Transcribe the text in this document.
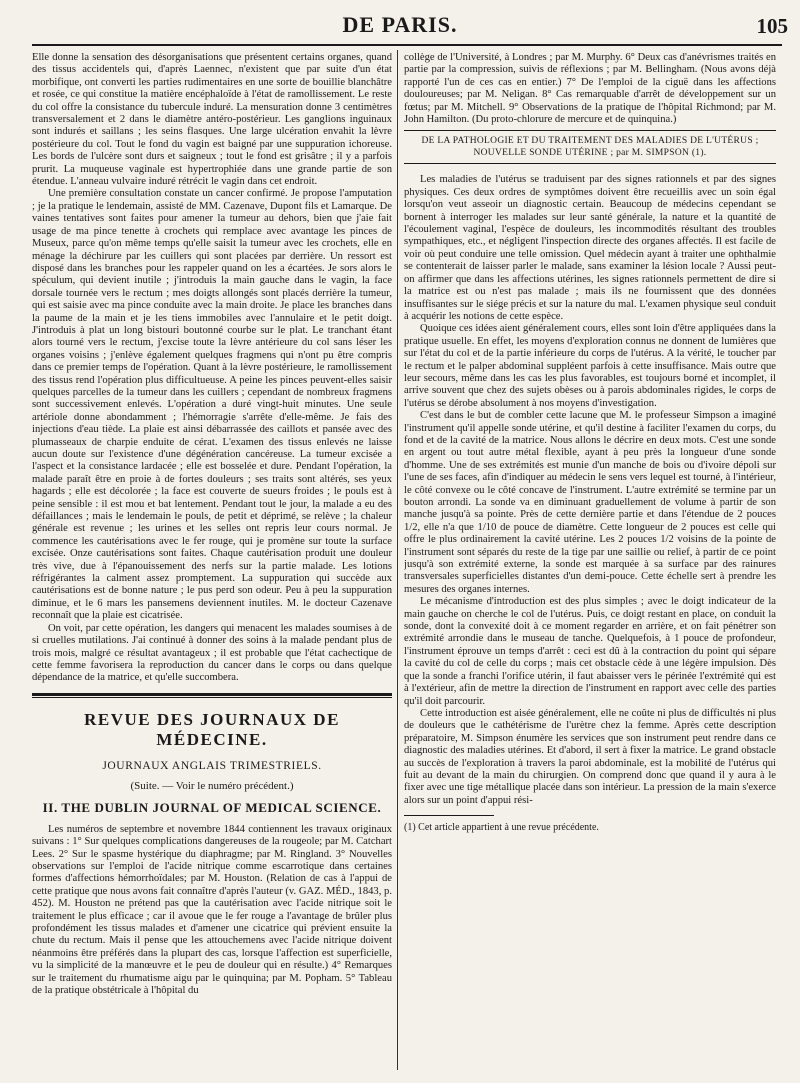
DE PARIS.	105

Elle donne la sensation des désorganisations que présentent certains organes, quand des tissus accidentels qui, d'après Laennec, n'existent que par suite d'un état morbifique, ont converti les parties rudimentaires en une sorte de bouillie blanchâtre et rosée, ce qui constitue la matière encéphaloïde à l'état de ramollissement. Le reste du col offre la consistance du tubercule induré. La mensuration donne 3 centimètres transversalement et 2 dans le diamètre antéro-postérieur. Les ganglions inguinaux sont indurés et saillans ; les seins flasques. Une large ulcération envahit la lèvre postérieure du col. Tout le fond du vagin est baigné par une suppuration ichoreuse. Les bords de l'ulcère sont durs et saigneux ; tout le fond est grisâtre ; il y a parfois prurit. La muqueuse vaginale est hypertrophiée dans une grande partie de son étendue. L'anneau vulvaire induré rétrécit le vagin dans cet endroit.

Une première consultation constate un cancer confirmé. Je propose l'amputation ; je la pratique le lendemain, assisté de MM. Cazenave, Dupont fils et Lamarque. De vaines tentatives sont faites pour amener la tumeur au dehors, bien que j'aie fait usage de ma pince tenette à crochets qui remplace avec avantage les pinces de Museux, parce qu'on même temps qu'elle saisit la tumeur avec les crochets, elle en ménage la déchirure par les cuillers qui sont placées par derrière. Un ressort est disposé dans les branches pour les rappeler quand on les a écartées. Je sors alors le spéculum, qui devient inutile ; j'introduis la main gauche dans le vagin, la face dorsale tournée vers le rectum ; mes doigts allongés sont placés derrière la tumeur, qui est saisie avec ma pince conduite avec la main droite. Je place les branches dans la paume de la main et je les tiens immobiles avec l'annulaire et le petit doigt. J'introduis à plat un long bistouri boutonné courbe sur le plat. Le tranchant étant alors tourné vers le rectum, j'excise toute la lèvre antérieure du col sans léser les organes voisins ; j'enlève également quelques fragmens qui n'ont pu être compris dans ce premier temps de l'opération. Quant à la lèvre postérieure, le ramollissement des tissus rend l'opération plus difficultueuse. A peine les pinces peuvent-elles saisir quelques parcelles de la tumeur dans les cuillers ; cependant de nombreux fragmens sont successivement enlevés. L'opération a duré vingt-huit minutes. Une seule artériole donne abondamment ; l'hémorragie s'arrête d'elle-même. Je fais des injections d'eau tiède. La plaie est ainsi débarrassée des caillots et pansée avec des plumasseaux de charpie enduite de cérat. L'examen des tissus enlevés ne laisse aucun doute sur l'existence d'une dégénération cancéreuse. La tumeur excisée a l'aspect et la consistance lardacée ; elle est bosselée et dure. Pendant l'opération, la malade paraît être en proie à de fortes douleurs ; ses traits sont altérés, ses yeux hagards ; elle est décolorée ; la face est couverte de sueurs froides ; le pouls est à peine sensible : il est mou et bat lentement. Pendant tout le jour, la malade a eu des défaillances ; mais le lendemain le pouls, de petit et déprimé, se relève ; la chaleur générale est revenue ; les urines et les selles ont repris leur cours normal. Je commence les cautérisations avec le fer rouge, qui je promène sur toute la surface excisée. Onze cautérisations sont faites. Chaque cautérisation produit une douleur très vive, due à l'épanouissement des nerfs sur la partie malade. Les lotions réfrigérantes la calment assez promptement. La suppuration qui succède aux cautérisations est de bonne nature ; le pus perd son odeur. Peu à peu la suppuration diminue, et le 6 mars les pansemens deviennent inutiles. M. le docteur Cazenave reconnaît que la plaie est cicatrisée.

On voit, par cette opération, les dangers qui menacent les malades soumises à de si cruelles mutilations. J'ai continué à donner des soins à la malade pendant plus de trois mois, malgré ce résultat avantageux ; il est probable que l'état cachectique de cette femme favorisera la reproduction du cancer dans le corps ou dans quelque dépendance de la matrice, et qu'elle succombera.

REVUE DES JOURNAUX DE MÉDECINE.
JOURNAUX ANGLAIS TRIMESTRIELS.
(Suite. — Voir le numéro précédent.)
II. THE DUBLIN JOURNAL OF MEDICAL SCIENCE.

Les numéros de septembre et novembre 1844 contiennent les travaux originaux suivans : 1° Sur quelques complications dangereuses de la rougeole; par M. Catchart Lees. 2° Sur le spasme hystérique du diaphragme; par M. Ringland. 3° Nouvelles observations sur l'emploi de l'acide nitrique comme escarrotique dans certaines formes d'affections hémorrhoïdales; par M. Houston. (Relation de cas à l'appui de cette pratique que nous avons fait connaître d'après l'auteur (v. GAZ. MÉD., 1843, p. 452). M. Houston ne prétend pas que la cautérisation avec l'acide nitrique soit le traitement le plus efficace ; car il avoue que le fer rouge a l'avantage de brûler plus profondément les tissus malades et d'amener une cicatrice qui prévient ensuite la chute du rectum. Mais il pense que les attouchemens avec l'acide nitrique doivent néanmoins être préférés dans la plupart des cas, lorsque l'affection est superficielle, vu la simplicité de la manœuvre et le peu de douleur qui en résulte.) 4° Remarques sur le traitement du rhumatisme aigu par le quinquina; par M. Popham. 5° Tableau de la pratique obstétricale à l'hôpital du

collège de l'Université, à Londres ; par M. Murphy. 6° Deux cas d'anévrismes traités en partie par la compression, suivis de réflexions ; par M. Bellingham. (Nous avons déjà rapporté l'un de ces cas en entier.) 7° De l'emploi de la ciguë dans les affections douloureuses; par M. Neligan. 8° Cas remarquable d'arrêt de développement sur un fœtus; par M. Mitchell. 9° Observations de la pratique de l'hôpital Richmond; par M. John Hamilton. (Du proto-chlorure de mercure et de quinquina.)

DE LA PATHOLOGIE ET DU TRAITEMENT DES MALADIES DE L'UTÉRUS ; NOUVELLE SONDE UTÉRINE ; par M. SIMPSON (1).

Les maladies de l'utérus se traduisent par des signes rationnels et par des signes physiques. Ces deux ordres de symptômes doivent être recueillis avec un soin égal lorsqu'on veut asseoir un diagnostic certain. Beaucoup de médecins cependant se bornent à interroger les malades sur leur santé générale, la nature et la quantité de l'écoulement vaginal, l'espèce de douleurs, les incommodités résultant des troubles sympathiques, etc., et négligent l'inspection directe des organes affectés. Il est facile de voir où peut conduire une telle omission. Quel médecin ayant à traiter une ophthalmie se contenterait de laisser parler le malade, sans examiner la lésion locale ? Aussi peut-on affirmer que dans les affections utérines, les signes rationnels permettent de dire si la matrice est ou n'est pas malade ; mais ils ne fournissent que des données insuffisantes sur le siége précis et sur la nature du mal. L'examen physique seul conduit à acquérir les notions de cette espèce.

Quoique ces idées aient généralement cours, elles sont loin d'être appliquées dans la pratique usuelle. En effet, les moyens d'exploration connus ne donnent de lumières que sur l'état du col et de la partie inférieure du corps de l'utérus. A la vérité, le toucher par le rectum et le palper abdominal suppléent parfois à cette insuffisance. Mais outre que leur secours, même dans les cas les plus favorables, est toujours borné et incomplet, il arrive souvent que chez des sujets obèses ou à parois abdominales rigides, le corps de l'utérus se dérobe absolument à nos moyens d'investigation.

C'est dans le but de combler cette lacune que M. le professeur Simpson a imaginé l'instrument qu'il appelle sonde utérine, et qu'il destine à faciliter l'examen du corps, du fond et de la cavité de la matrice. Nous allons le décrire en deux mots. C'est une sonde en argent ou tout autre métal flexible, ayant à peu près la longueur d'une sonde d'homme. Une de ses extrémités est munie d'un manche de bois ou d'ivoire dépoli sur l'une de ses faces, afin d'indiquer au médecin le sens vers lequel est tourné, à l'intérieur, le côté convexe ou le côté concave de l'instrument. L'autre extrémité se termine par un bouton arrondi. La sonde va en diminuant graduellement de volume à partir de son manche jusqu'à sa pointe. Près de cette dernière partie et dans l'étendue de 2 pouces 1/2, elle n'a que 1/10 de pouce de diamètre. Cette longueur de 2 pouces est celle qui offre le plus ordinairement la cavité utérine. Les 2 pouces 1/2 voisins de la pointe de l'instrument sont séparés du reste de la tige par une saillie ou relief, à partir de ce point jusqu'à son extrémité externe, la sonde est marquée à sa surface par des rainures transversales superficielles distantes d'un demi-pouce. Cette échelle sert à prendre les mesures des organes internes.

Le mécanisme d'introduction est des plus simples ; avec le doigt indicateur de la main gauche on cherche le col de l'utérus. Puis, ce doigt restant en place, on conduit la sonde, dont la convexité doit à ce moment regarder en arrière, et on fait pénétrer son extrémité arrondie dans le museau de tanche. Quelquefois, à 1 pouce de profondeur, l'instrument éprouve un temps d'arrêt : ceci est dû à la contraction du point qui sépare la cavité du col de celle du corps ; mais cet obstacle cède à une légère impulsion. Dès que la sonde a franchi l'orifice utérin, il faut abaisser vers le périnée l'extrémité qui est à l'extérieur, afin de mettre la direction de l'instrument en rapport avec celle des parties qu'il doit parcourir.

Cette introduction est aisée généralement, elle ne coûte ni plus de difficultés ni plus de douleurs que le cathétérisme de l'urètre chez la femme. Après cette description préparatoire, M. Simpson énumère les services que son instrument peut rendre dans ce diagnostic des maladies utérines. Et d'abord, il sert à fixer la matrice. Le grand obstacle au succès de l'exploration à travers la paroi abdominale, est la mobilité de l'utérus qui fuit au devant de la main du chirurgien. On comprend donc que quand il y aura à le fixer avec une tige métallique placée dans son intérieur. La pression de la main s'exerce alors sur un point d'appui rési-

(1) Cet article appartient à une revue précédente.
